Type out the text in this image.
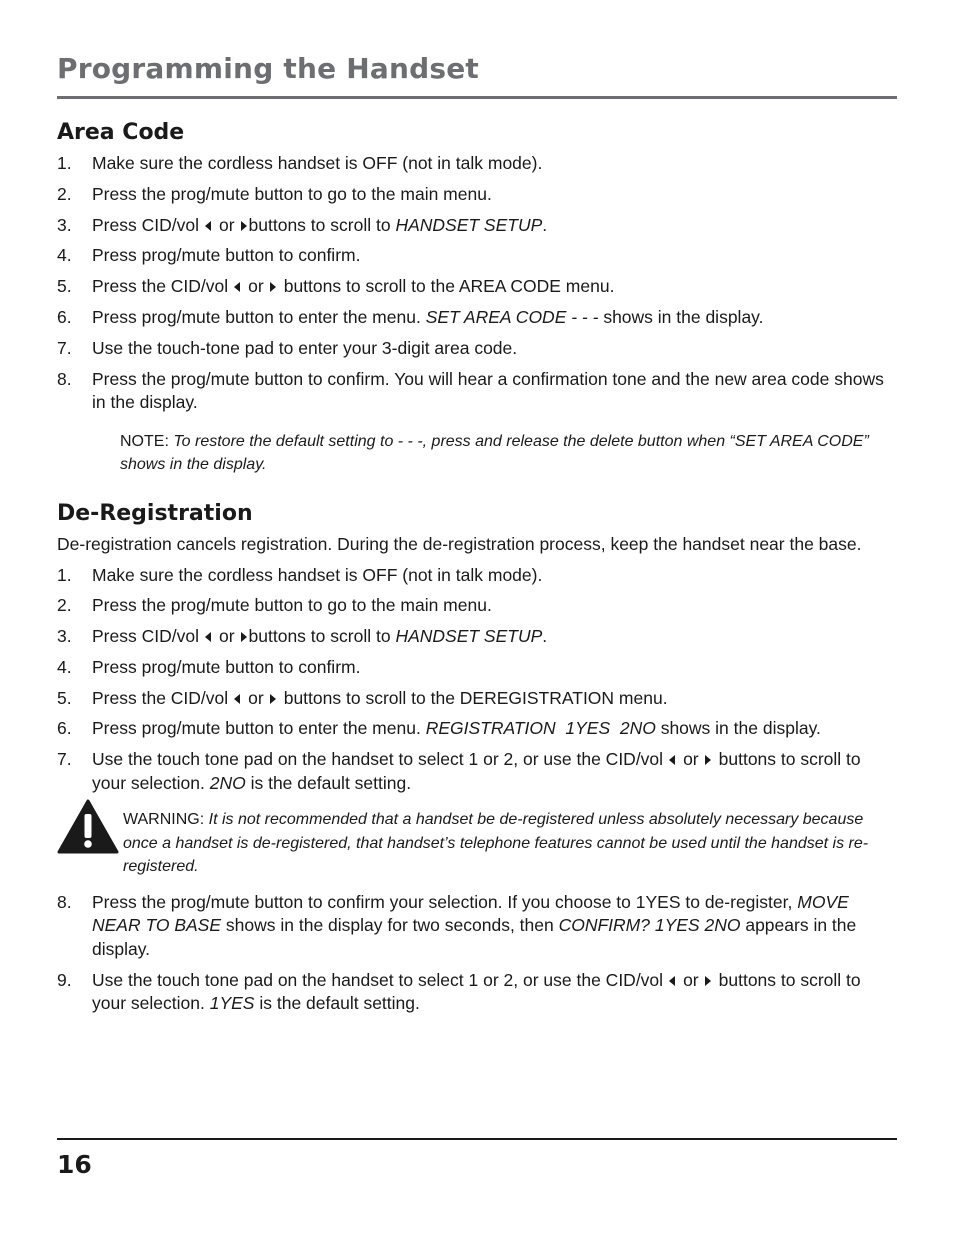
Programming the Handset
Area Code
1. Make sure the cordless handset is OFF (not in talk mode).
2. Press the prog/mute button to go to the main menu.
3. Press CID/vol or buttons to scroll to HANDSET SETUP.
4. Press prog/mute button to confirm.
5. Press the CID/vol or buttons to scroll to the AREA CODE menu.
6. Press prog/mute button to enter the menu. SET AREA CODE - - - shows in the display.
7. Use the touch-tone pad to enter your 3-digit area code.
8. Press the prog/mute button to confirm. You will hear a confirmation tone and the new area code shows in the display.
NOTE: To restore the default setting to - - -, press and release the delete button when “SET AREA CODE” shows in the display.
De-Registration

De-registration cancels registration. During the de-registration process, keep the handset near the base.

1. Make sure the cordless handset is OFF (not in talk mode).
2. Press the prog/mute button to go to the main menu.
3. Press CID/vol or buttons to scroll to HANDSET SETUP.
4. Press prog/mute button to confirm.
5. Press the CID/vol or buttons to scroll to the DEREGISTRATION menu.
6. Press prog/mute button to enter the menu. REGISTRATION  1YES  2NO shows in the display.
7. Use the touch tone pad on the handset to select 1 or 2, or use the CID/vol or buttons to scroll to your selection. 2NO is the default setting.
WARNING: It is not recommended that a handset be de-registered unless absolutely necessary because once a handset is de-registered, that handset’s telephone features cannot be used until the handset is re-registered.
8. Press the prog/mute button to confirm your selection. If you choose to 1YES to de-register, MOVE NEAR TO BASE shows in the display for two seconds, then CONFIRM? 1YES 2NO appears in the display.
9. Use the touch tone pad on the handset to select 1 or 2, or use the CID/vol or buttons to scroll to your selection. 1YES is the default setting.
16
